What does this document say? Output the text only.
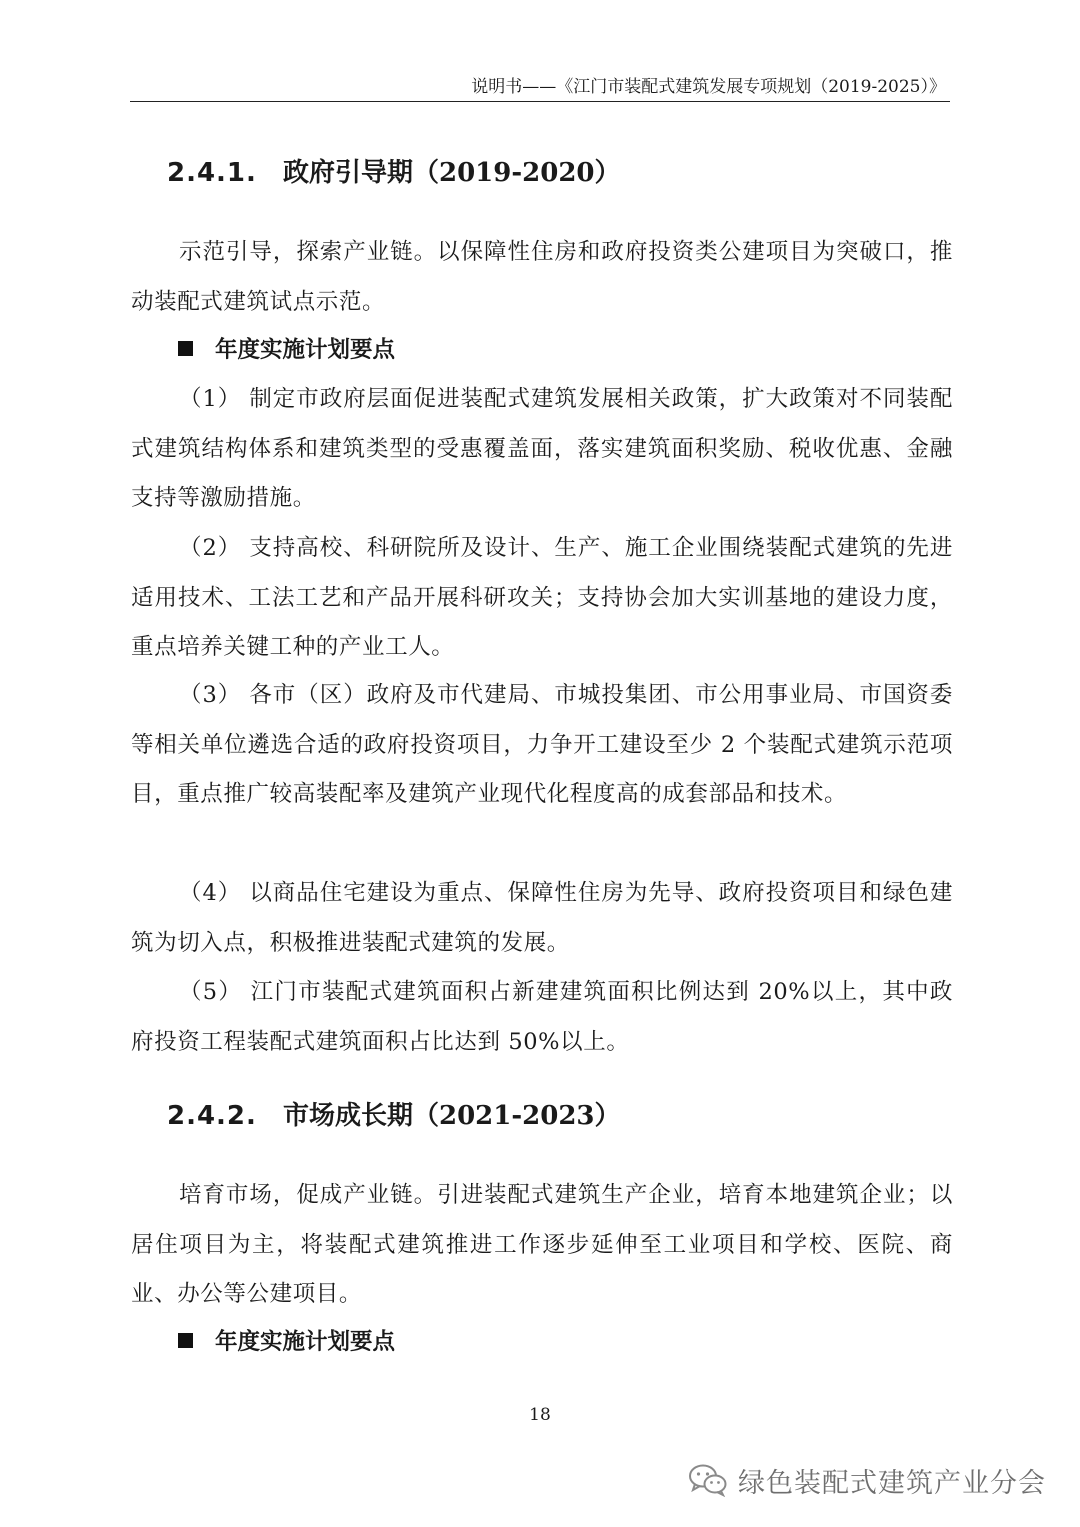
说明书——《江门市装配式建筑发展专项规划（2019-2025）》
2.4.1. 政府引导期（2019-2020）
示范引导，探索产业链。以保障性住房和政府投资类公建项目为突破口，推动装配式建筑试点示范。
年度实施计划要点
（1） 制定市政府层面促进装配式建筑发展相关政策，扩大政策对不同装配式建筑结构体系和建筑类型的受惠覆盖面，落实建筑面积奖励、税收优惠、金融支持等激励措施。
（2） 支持高校、科研院所及设计、生产、施工企业围绕装配式建筑的先进适用技术、工法工艺和产品开展科研攻关；支持协会加大实训基地的建设力度，重点培养关键工种的产业工人。
（3） 各市（区）政府及市代建局、市城投集团、市公用事业局、市国资委等相关单位遴选合适的政府投资项目，力争开工建设至少 2 个装配式建筑示范项目，重点推广较高装配率及建筑产业现代化程度高的成套部品和技术。
（4） 以商品住宅建设为重点、保障性住房为先导、政府投资项目和绿色建筑为切入点，积极推进装配式建筑的发展。
（5） 江门市装配式建筑面积占新建建筑面积比例达到 20%以上，其中政府投资工程装配式建筑面积占比达到 50%以上。
2.4.2. 市场成长期（2021-2023）
培育市场，促成产业链。引进装配式建筑生产企业，培育本地建筑企业；以居住项目为主，将装配式建筑推进工作逐步延伸至工业项目和学校、医院、商业、办公等公建项目。
年度实施计划要点
18
绿色装配式建筑产业分会
